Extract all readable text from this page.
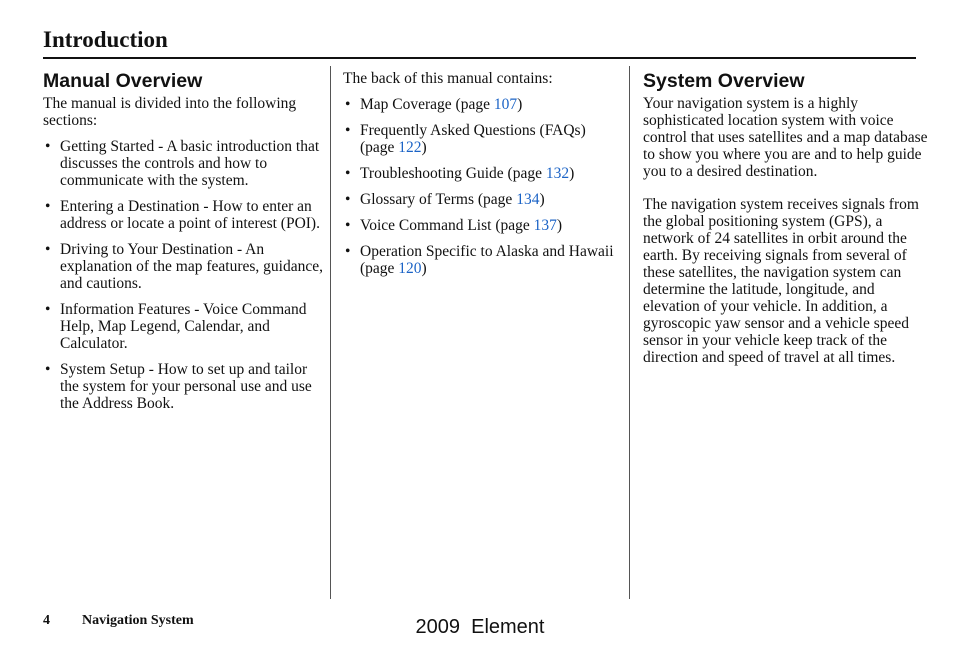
Introduction
Manual Overview

The manual is divided into the following sections:

• Getting Started - A basic introduction that discusses the controls and how to communicate with the system.
• Entering a Destination - How to enter an address or locate a point of interest (POI).
• Driving to Your Destination - An explanation of the map features, guidance, and cautions.
• Information Features - Voice Command Help, Map Legend, Calendar, and Calculator.
• System Setup - How to set up and tailor the system for your personal use and use the Address Book.

The back of this manual contains:

• Map Coverage (page 107)
• Frequently Asked Questions (FAQs) (page 122)
• Troubleshooting Guide (page 132)
• Glossary of Terms (page 134)
• Voice Command List (page 137)
• Operation Specific to Alaska and Hawaii (page 120)
System Overview

Your navigation system is a highly sophisticated location system with voice control that uses satellites and a map database to show you where you are and to help guide you to a desired destination.

The navigation system receives signals from the global positioning system (GPS), a network of 24 satellites in orbit around the earth. By receiving signals from several of these satellites, the navigation system can determine the latitude, longitude, and elevation of your vehicle. In addition, a gyroscopic yaw sensor and a vehicle speed sensor in your vehicle keep track of the direction and speed of travel at all times.

4 Navigation System	2009  Element
